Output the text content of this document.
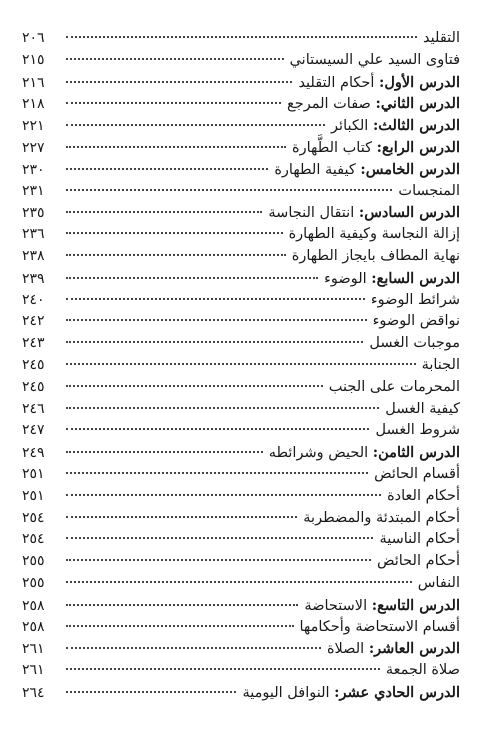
التقليد
٢٠٦
فتاوى السيد علي السيستاني
٢١٥
الدرس الأول: أحكام التقليد
٢١٦
الدرس الثاني: صفات المرجع
٢١٨
الدرس الثالث: الكبائر
٢٢١
الدرس الرابع: كتاب الطَّهارة
٢٢٧
الدرس الخامس: كيفية الطهارة
٢٣٠
المنجسات
٢٣١
الدرس السادس: انتقال النجاسة
٢٣٥
إزالة النجاسة وكيفية الطهارة
٢٣٦
نهاية المطاف بايجاز الطهارة
٢٣٨
الدرس السابع: الوضوء
٢٣٩
شرائط الوضوء
٢٤٠
نواقض الوضوء
٢٤٢
موجبات الغسل
٢٤٣
الجنابة
٢٤٥
المحرمات على الجنب
٢٤٥
كيفية الغسل
٢٤٦
شروط الغسل
٢٤٧
الدرس الثامن: الحيض وشرائطه
٢٤٩
أقسام الحائض
٢٥١
أحكام العادة
٢٥١
أحكام المبتدئة والمضطربة
٢٥٤
أحكام الناسية
٢٥٤
أحكام الحائض
٢٥٥
النفاس
٢٥٥
الدرس التاسع: الاستحاضة
٢٥٨
أقسام الاستحاضة وأحكامها
٢٥٨
الدرس العاشر: الصلاة
٢٦١
صلاة الجمعة
٢٦١
الدرس الحادي عشر: النوافل اليومية
٢٦٤
